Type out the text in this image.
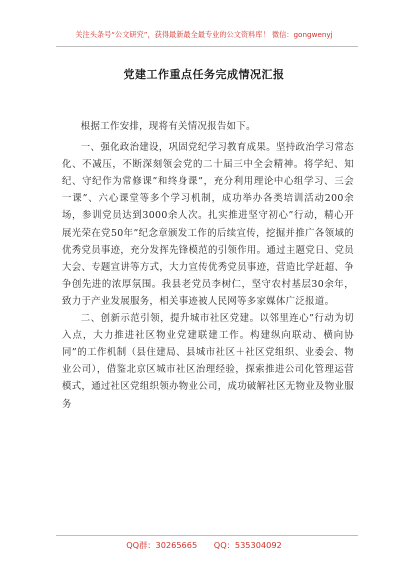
关注头条号“公文研究”，获得最新最全最专业的公文资料库！ 微信：gongwenyj
党建工作重点任务完成情况汇报

根据工作安排，现将有关情况报告如下。

一、强化政治建设，巩固党纪学习教育成果。坚持政治学习常态化、不减压，不断深刻领会党的二十届三中全会精神。将学纪、知纪、守纪作为常修课”和终身课”，充分利用理论中心组学习、三会一课”、六心课堂等多个学习机制，成功举办各类培训活动200余场，参训党员达到3000余人次。扎实推进坚守初心”行动，精心开展光荣在党50年”纪念章颁发工作的后续宣传，挖掘并推广各领域的优秀党员事迹，充分发挥先锋模范的引领作用。通过主题党日、党员大会、专题宣讲等方式，大力宣传优秀党员事迹，营造比学赶超、争争创先进的浓厚氛围。我县老党员李树仁，坚守农村基层30余年，致力于产业发展服务，相关事迹被人民网等多家媒体广泛报道。

二、创新示范引领，提升城市社区党建。以邻里连心”行动为切入点，大力推进社区物业党建联建工作。构建纵向联动、横向协同”的工作机制（县住建局、县城市社区＋社区党组织、业委会、物业公司），借鉴北京区城市社区治理经验，探索推进公司化管理运营模式，通过社区党组织领办物业公司，成功破解社区无物业及物业服务

QQ群：30265665 QQ：535304092
